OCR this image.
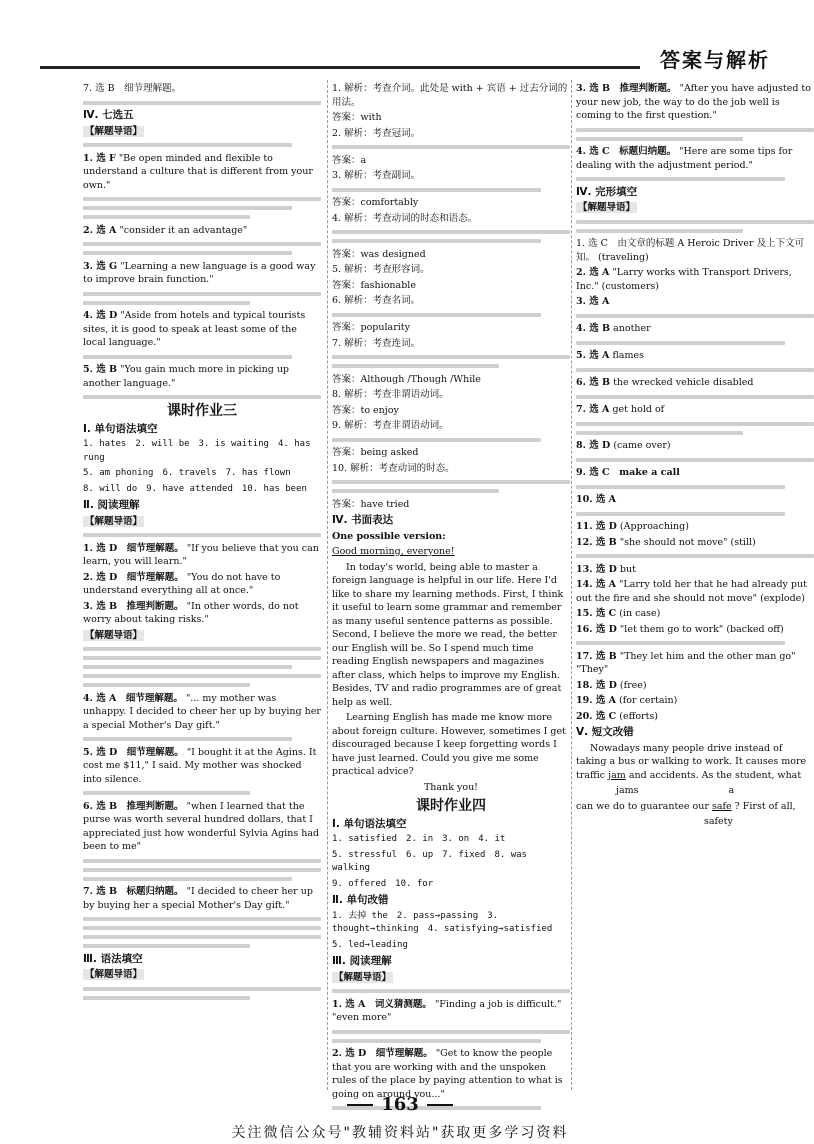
答案与解析
7. 选 B　细节理解题。
Ⅳ. 七选五
【解题导语】
1. 选 F "Be open minded and flexible to understand a culture that is different from your own."
2. 选 A "consider it an advantage"
3. 选 G "Learning a new language is a good way to improve brain function."
4. 选 D "Aside from hotels and typical tourists sites, it is good to speak at least some of the local language."
5. 选 B "You gain much more in picking up another language."
课时作业三
Ⅰ. 单句语法填空
1. hates　2. will be　3. is waiting　4. has rung
5. am phoning　6. travels　7. has flown
8. will do　9. have attended　10. has been
Ⅱ. 阅读理解
【解题导语】
1. 选 D　细节理解题。 "If you believe that you can learn, you will learn."
2. 选 D　细节理解题。 "You do not have to understand everything all at once."
3. 选 B　推理判断题。 "In other words, do not worry about taking risks."
【解题导语】
4. 选 A　细节理解题。 "... my mother was unhappy. I decided to cheer her up by buying her a special Mother's Day gift."
5. 选 D　细节理解题。 "I bought it at the Agins. It cost me $11," I said. My mother was shocked into silence.
6. 选 B　推理判断题。 "when I learned that the purse was worth several hundred dollars, that I appreciated just how wonderful Sylvia Agins had been to me"
7. 选 B　标题归纳题。 "I decided to cheer her up by buying her a special Mother's Day gift."
Ⅲ. 语法填空
【解题导语】
1. 解析：考查介词。此处是 with + 宾语 + 过去分词的用法。
答案：with
2. 解析：考查冠词。
答案：a
3. 解析：考查副词。
答案：comfortably
4. 解析：考查动词的时态和语态。
答案：was designed
5. 解析：考查形容词。
答案：fashionable
6. 解析：考查名词。
答案：popularity
7. 解析：考查连词。
答案：Although /Though /While
8. 解析：考查非谓语动词。
答案：to enjoy
9. 解析：考查非谓语动词。
答案：being asked
10. 解析：考查动词的时态。
答案：have tried
Ⅳ. 书面表达
One possible version:
Good morning, everyone!
In today's world, being able to master a foreign language is helpful in our life. Here I'd like to share my learning methods. First, I think it useful to learn some grammar and remember as many useful sentence patterns as possible. Second, I believe the more we read, the better our English will be. So I spend much time reading English newspapers and magazines after class, which helps to improve my English. Besides, TV and radio programmes are of great help as well.
Learning English has made me know more about foreign culture. However, sometimes I get discouraged because I keep forgetting words I have just learned. Could you give me some practical advice?
Thank you!
课时作业四
Ⅰ. 单句语法填空
1. satisfied　2. in　3. on　4. it
5. stressful　6. up　7. fixed　8. was walking
9. offered　10. for
Ⅱ. 单句改错
1. 去掉 the　2. pass→passing　3. thought→thinking　4. satisfying→satisfied
5. led→leading
Ⅲ. 阅读理解
【解题导语】
1. 选 A　词义猜测题。 "Finding a job is difficult." "even more"
2. 选 D　细节理解题。 "Get to know the people that you are working with and the unspoken rules of the place by paying attention to what is going on around you..."
3. 选 B　推理判断题。 "After you have adjusted to your new job, the way to do the job well is coming to the first question."
4. 选 C　标题归纳题。 "Here are some tips for dealing with the adjustment period."
Ⅳ. 完形填空
【解题导语】
1. 选 C　由文章的标题 A Heroic Driver 及上下文可知。 (traveling)
2. 选 A "Larry works with Transport Drivers, Inc." (customers)
3. 选 A
4. 选 B another
5. 选 A flames
6. 选 B the wrecked vehicle disabled
7. 选 A get hold of
8. 选 D (came over)
9. 选 C　make a call
10. 选 A
11. 选 D (Approaching)
12. 选 B "she should not move" (still)
13. 选 D but
14. 选 A "Larry told her that he had already put out the fire and she should not move" (explode)
15. 选 C (in case)
16. 选 D "let them go to work" (backed off)
17. 选 B "They let him and the other man go" "They"
18. 选 D (free)
19. 选 A (for certain)
20. 选 C (efforts)
Ⅴ. 短文改错
Nowadays many people drive instead of taking a bus or walking to work. It causes more traffic jam and accidents. As the student, what
jams	a
can we do to guarantee our safe ? First of all,
safety
163
关注微信公众号"教辅资料站"获取更多学习资料
